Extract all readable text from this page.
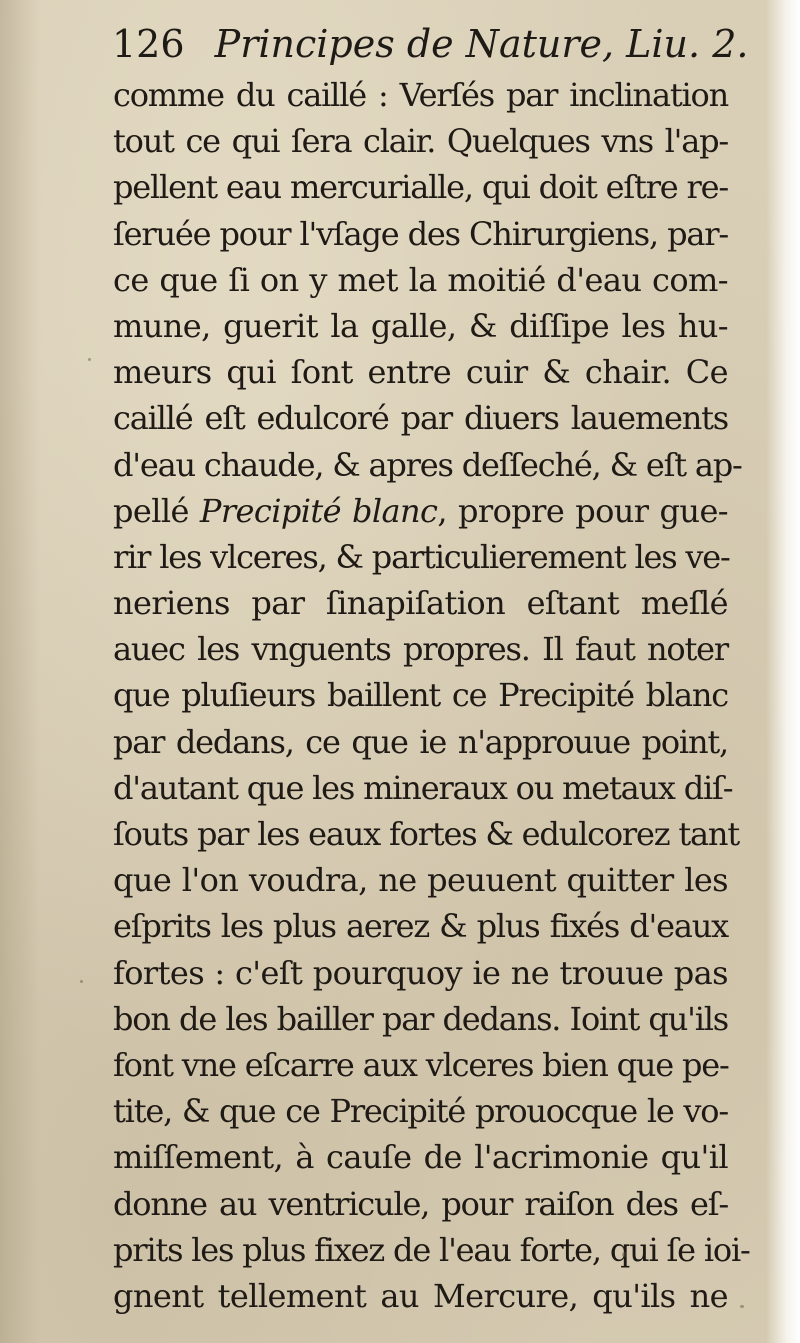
126 Principes de Nature, Liu. 2.
comme du caillé : Verſés par inclination
tout ce qui ſera clair. Quelques vns l'ap-
pellent eau mercurialle, qui doit eſtre re-
ſeruée pour l'vſage des Chirurgiens, par-
ce que ſi on y met la moitié d'eau com-
mune, guerit la galle, & diſſipe les hu-
meurs qui ſont entre cuir & chair. Ce
caillé eſt edulcoré par diuers lauements
d'eau chaude, & apres deſſeché, & eſt ap-
pellé Precipité blanc, propre pour gue-
rir les vlceres, & particulierement les ve-
neriens par ſinapiſation eſtant meſlé
auec les vnguents propres. Il faut noter
que pluſieurs baillent ce Precipité blanc
par dedans, ce que ie n'approuue point,
d'autant que les mineraux ou metaux diſ-
ſouts par les eaux fortes & edulcorez tant
que l'on voudra, ne peuuent quitter les
eſprits les plus aerez & plus fixés d'eaux
fortes : c'eſt pourquoy ie ne trouue pas
bon de les bailler par dedans. Ioint qu'ils
font vne eſcarre aux vlceres bien que pe-
tite, & que ce Precipité prouocque le vo-
miſſement, à cauſe de l'acrimonie qu'il
donne au ventricule, pour raiſon des eſ-
prits les plus fixez de l'eau forte, qui ſe ioi-
gnent tellement au Mercure, qu'ils ne
